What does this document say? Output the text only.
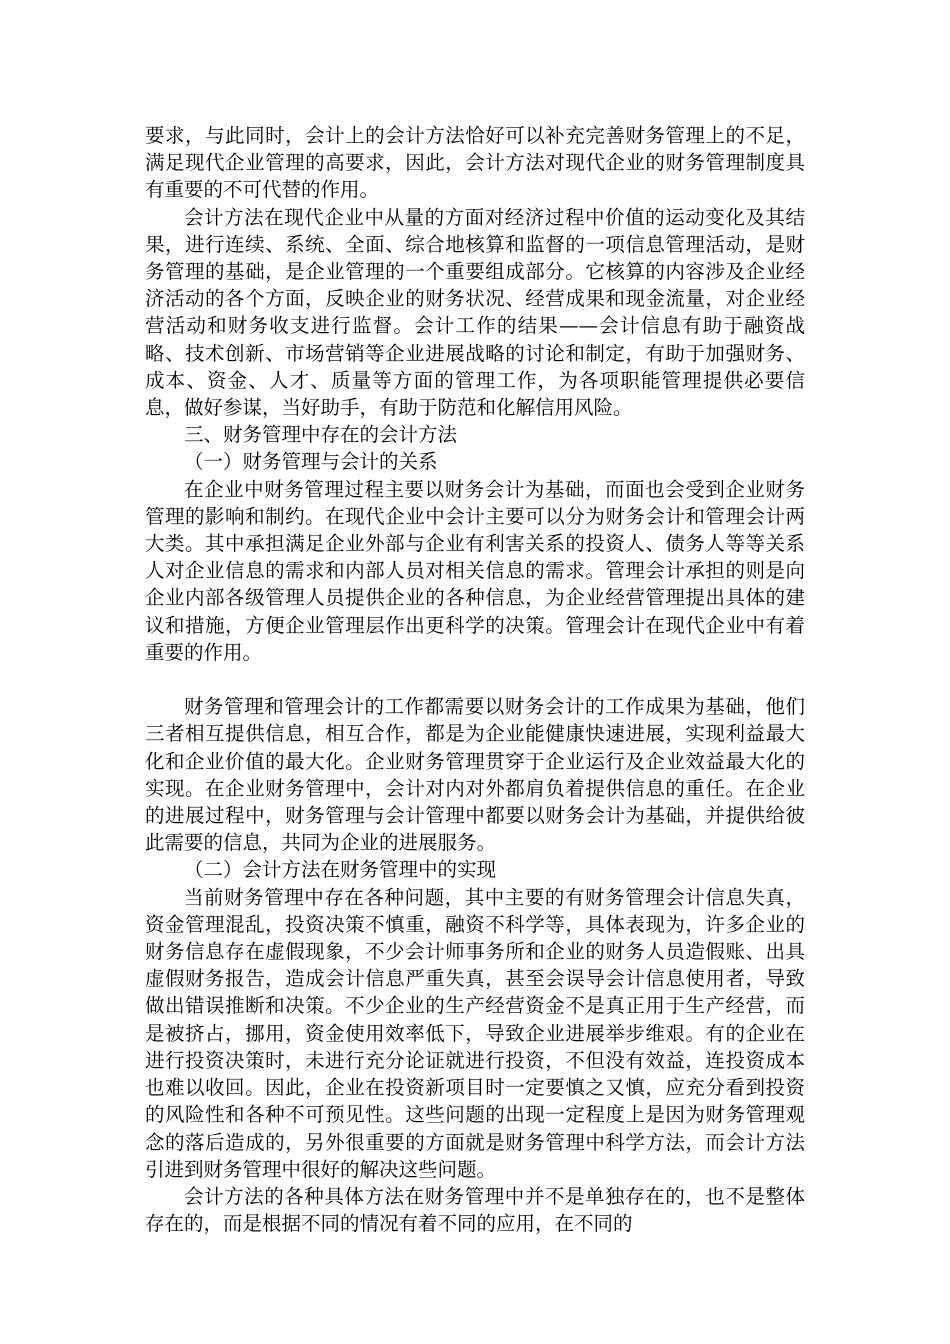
要求，与此同时，会计上的会计方法恰好可以补充完善财务管理上的不足，满足现代企业管理的高要求，因此，会计方法对现代企业的财务管理制度具有重要的不可代替的作用。

会计方法在现代企业中从量的方面对经济过程中价值的运动变化及其结果，进行连续、系统、全面、综合地核算和监督的一项信息管理活动，是财务管理的基础，是企业管理的一个重要组成部分。它核算的内容涉及企业经济活动的各个方面，反映企业的财务状况、经营成果和现金流量，对企业经营活动和财务收支进行监督。会计工作的结果——会计信息有助于融资战略、技术创新、市场营销等企业进展战略的讨论和制定，有助于加强财务、成本、资金、人才、质量等方面的管理工作，为各项职能管理提供必要信息，做好参谋，当好助手，有助于防范和化解信用风险。

三、财务管理中存在的会计方法

（一）财务管理与会计的关系

在企业中财务管理过程主要以财务会计为基础，而面也会受到企业财务管理的影响和制约。在现代企业中会计主要可以分为财务会计和管理会计两大类。其中承担满足企业外部与企业有利害关系的投资人、债务人等等关系人对企业信息的需求和内部人员对相关信息的需求。管理会计承担的则是向企业内部各级管理人员提供企业的各种信息，为企业经营管理提出具体的建议和措施，方便企业管理层作出更科学的决策。管理会计在现代企业中有着重要的作用。

财务管理和管理会计的工作都需要以财务会计的工作成果为基础，他们三者相互提供信息，相互合作，都是为企业能健康快速进展，实现利益最大化和企业价值的最大化。企业财务管理贯穿于企业运行及企业效益最大化的实现。在企业财务管理中，会计对内对外都肩负着提供信息的重任。在企业的进展过程中，财务管理与会计管理中都要以财务会计为基础，并提供给彼此需要的信息，共同为企业的进展服务。

（二）会计方法在财务管理中的实现

当前财务管理中存在各种问题，其中主要的有财务管理会计信息失真，资金管理混乱，投资决策不慎重，融资不科学等，具体表现为，许多企业的财务信息存在虚假现象，不少会计师事务所和企业的财务人员造假账、出具虚假财务报告，造成会计信息严重失真，甚至会误导会计信息使用者，导致做出错误推断和决策。不少企业的生产经营资金不是真正用于生产经营，而是被挤占，挪用，资金使用效率低下，导致企业进展举步维艰。有的企业在进行投资决策时，未进行充分论证就进行投资，不但没有效益，连投资成本也难以收回。因此，企业在投资新项目时一定要慎之又慎，应充分看到投资的风险性和各种不可预见性。这些问题的出现一定程度上是因为财务管理观念的落后造成的，另外很重要的方面就是财务管理中科学方法，而会计方法引进到财务管理中很好的解决这些问题。

会计方法的各种具体方法在财务管理中并不是单独存在的，也不是整体存在的，而是根据不同的情况有着不同的应用，在不同的
